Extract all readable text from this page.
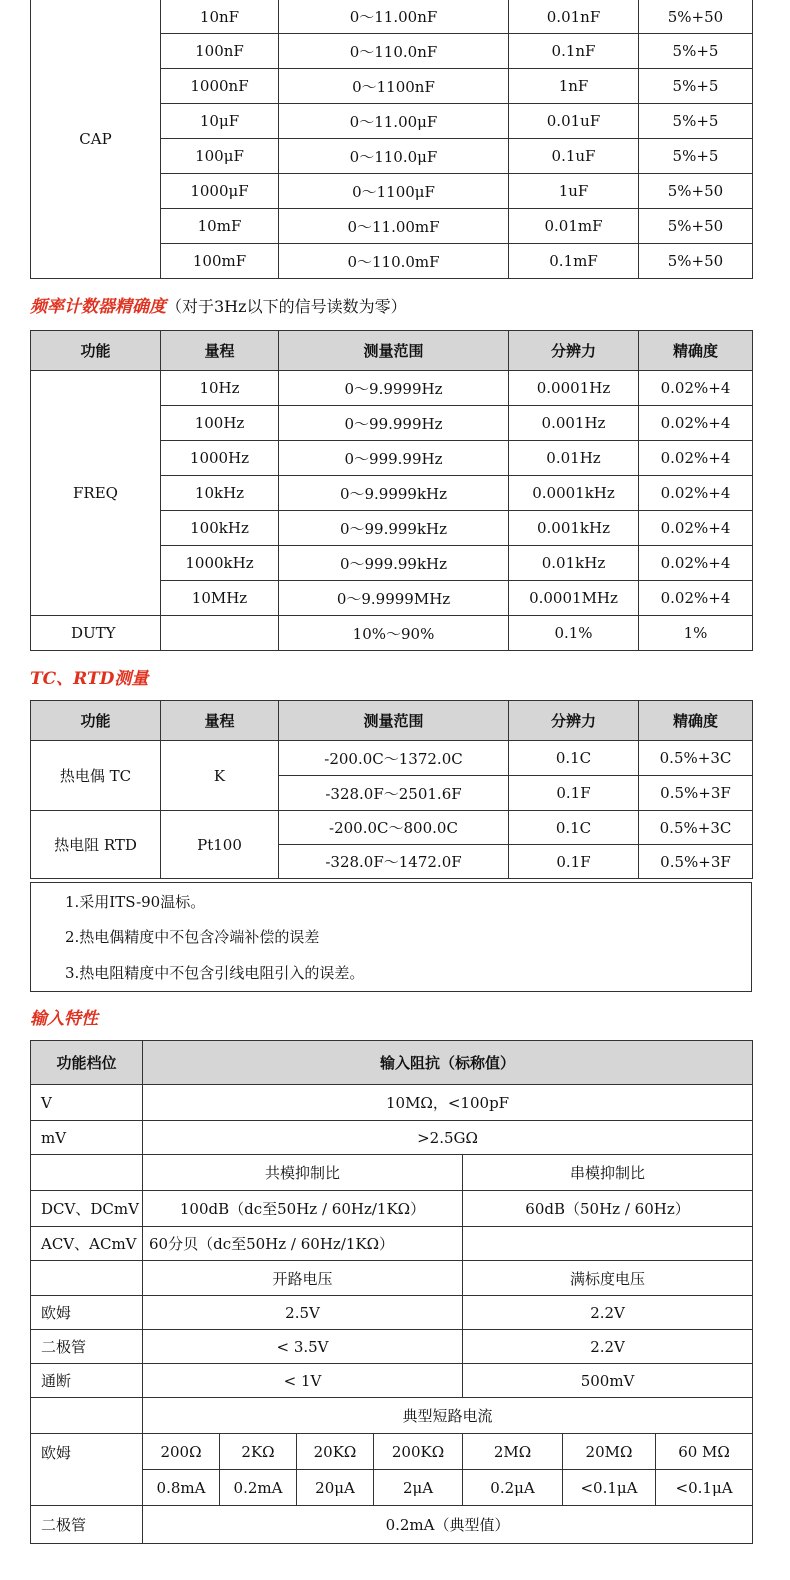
CAP	10nF	0～11.00nF	0.01nF	5%+50
	100nF	0～110.0nF	0.1nF	5%+5
	1000nF	0～1100nF	1nF	5%+5
	10μF	0～11.00μF	0.01uF	5%+5
	100μF	0～110.0μF	0.1uF	5%+5
	1000μF	0～1100μF	1uF	5%+50
	10mF	0～11.00mF	0.01mF	5%+50
	100mF	0～110.0mF	0.1mF	5%+50
频率计数器精确度（对于3Hz以下的信号读数为零）
功能	量程	测量范围	分辨力	精确度
FREQ	10Hz	0～9.9999Hz	0.0001Hz	0.02%+4
	100Hz	0～99.999Hz	0.001Hz	0.02%+4
	1000Hz	0～999.99Hz	0.01Hz	0.02%+4
	10kHz	0～9.9999kHz	0.0001kHz	0.02%+4
	100kHz	0～99.999kHz	0.001kHz	0.02%+4
	1000kHz	0～999.99kHz	0.01kHz	0.02%+4
	10MHz	0～9.9999MHz	0.0001MHz	0.02%+4
DUTY		10%～90%	0.1%	1%
TC、RTD测量
功能	量程	测量范围	分辨力	精确度
热电偶 TC	K	-200.0C～1372.0C	0.1C	0.5%+3C
		-328.0F～2501.6F	0.1F	0.5%+3F
热电阻 RTD	Pt100	-200.0C～800.0C	0.1C	0.5%+3C
		-328.0F～1472.0F	0.1F	0.5%+3F
1.采用ITS-90温标。
2.热电偶精度中不包含冷端补偿的误差
3.热电阻精度中不包含引线电阻引入的误差。
输入特性
功能档位	输入阻抗（标称值）						
V	10MΩ，<100pF						
mV	>2.5GΩ						
	共模抑制比				串模抑制比		
DCV、DCmV	100dB（dc至50Hz / 60Hz/1KΩ）				60dB（50Hz / 60Hz）		
ACV、ACmV	60分贝（dc至50Hz / 60Hz/1KΩ）						
	开路电压				满标度电压		
欧姆	2.5V				2.2V		
二极管	< 3.5V				2.2V		
通断	< 1V				500mV		
	典型短路电流						
欧姆	200Ω	2KΩ	20KΩ	200KΩ	2MΩ	20MΩ	60 MΩ
	0.8mA	0.2mA	20μA	2μA	0.2μA	<0.1μA	<0.1μA
二极管	0.2mA（典型值）						
